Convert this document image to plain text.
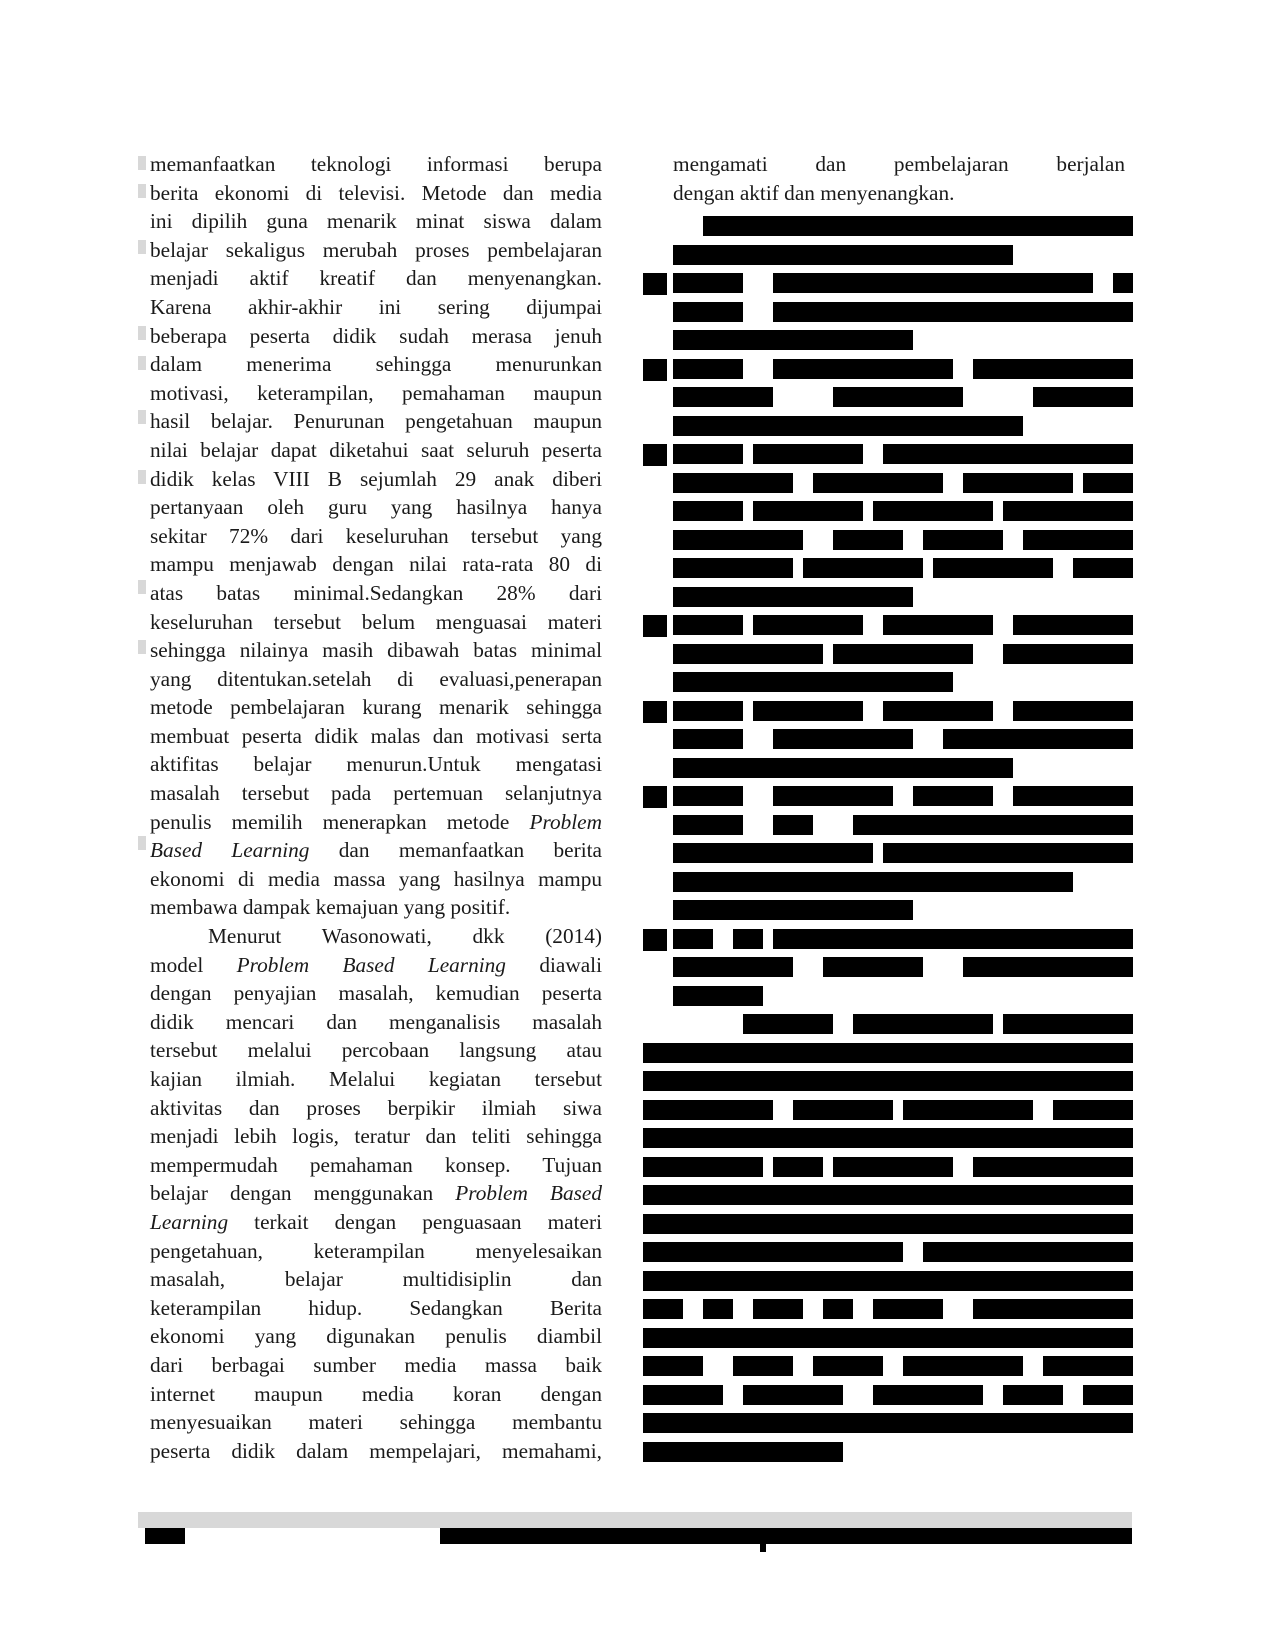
memanfaatkan teknologi informasi berupa
berita ekonomi di televisi. Metode dan media
ini dipilih guna menarik minat siswa dalam
belajar sekaligus merubah proses pembelajaran
menjadi aktif kreatif dan menyenangkan.
Karena akhir-akhir ini sering dijumpai
beberapa peserta didik sudah merasa jenuh
dalam menerima sehingga menurunkan
motivasi, keterampilan, pemahaman maupun
hasil belajar. Penurunan pengetahuan maupun
nilai belajar dapat diketahui saat seluruh peserta
didik kelas VIII B sejumlah 29 anak diberi
pertanyaan oleh guru yang hasilnya hanya
sekitar 72% dari keseluruhan tersebut yang
mampu menjawab dengan nilai rata-rata 80 di
atas batas minimal.Sedangkan 28% dari
keseluruhan tersebut belum menguasai materi
sehingga nilainya masih dibawah batas minimal
yang ditentukan.setelah di evaluasi,penerapan
metode pembelajaran kurang menarik sehingga
membuat peserta didik malas dan motivasi serta
aktifitas belajar menurun.Untuk mengatasi
masalah tersebut pada pertemuan selanjutnya
penulis memilih menerapkan metode Problem
Based Learning dan memanfaatkan berita
ekonomi di media massa yang hasilnya mampu
membawa dampak kemajuan yang positif.

Menurut Wasonowati, dkk (2014)
model Problem Based Learning diawali
dengan penyajian masalah, kemudian peserta
didik mencari dan menganalisis masalah
tersebut melalui percobaan langsung atau
kajian ilmiah. Melalui kegiatan tersebut
aktivitas dan proses berpikir ilmiah siwa
menjadi lebih logis, teratur dan teliti sehingga
mempermudah pemahaman konsep. Tujuan
belajar dengan menggunakan Problem Based
Learning terkait dengan penguasaan materi
pengetahuan, keterampilan menyelesaikan
masalah, belajar multidisiplin dan
keterampilan hidup. Sedangkan Berita
ekonomi yang digunakan penulis diambil
dari berbagai sumber media massa baik
internet maupun media koran dengan
menyesuaikan materi sehingga membantu
peserta didik dalam mempelajari, memahami,

mengamati dan pembelajaran berjalan
dengan aktif dan menyenangkan.
